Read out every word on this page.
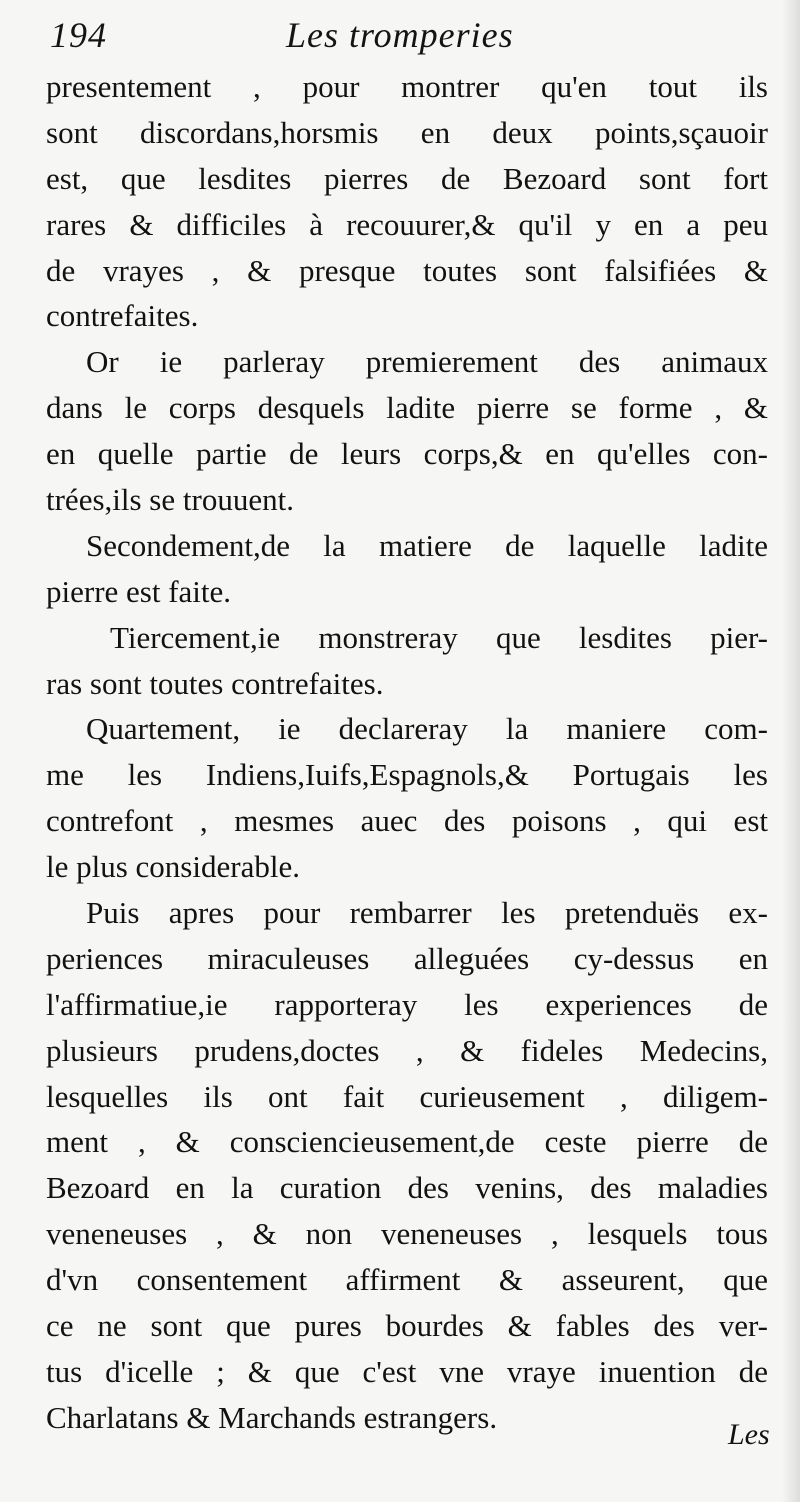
194	Les tromperies
presentement , pour montrer qu'en tout ils
sont discordans,horsmis en deux points,sçauoir
est, que lesdites pierres de Bezoard sont fort
rares & difficiles à recouurer,& qu'il y en a peu
de vrayes , & presque toutes sont falsifiées &
contrefaites.
Or ie parleray premierement des animaux
dans le corps desquels ladite pierre se forme , &
en quelle partie de leurs corps,& en qu'elles con-
trées,ils se trouuent.
Secondement,de la matiere de laquelle ladite
pierre est faite.
Tiercement,ie monstreray que lesdites pier-
ras sont toutes contrefaites.
Quartement, ie declareray la maniere com-
me les Indiens,Iuifs,Espagnols,& Portugais les
contrefont , mesmes auec des poisons , qui est
le plus considerable.
Puis apres pour rembarrer les pretenduës ex-
periences miraculeuses alleguées cy-dessus en
l'affirmatiue,ie rapporteray les experiences de
plusieurs prudens,doctes , & fideles Medecins,
lesquelles ils ont fait curieusement , diligem-
ment , & consciencieusement,de ceste pierre de
Bezoard en la curation des venins, des maladies
veneneuses , & non veneneuses , lesquels tous
d'vn consentement affirment & asseurent, que
ce ne sont que pures bourdes & fables des ver-
tus d'icelle ; & que c'est vne vraye inuention de
Charlatans & Marchands estrangers.	Les
